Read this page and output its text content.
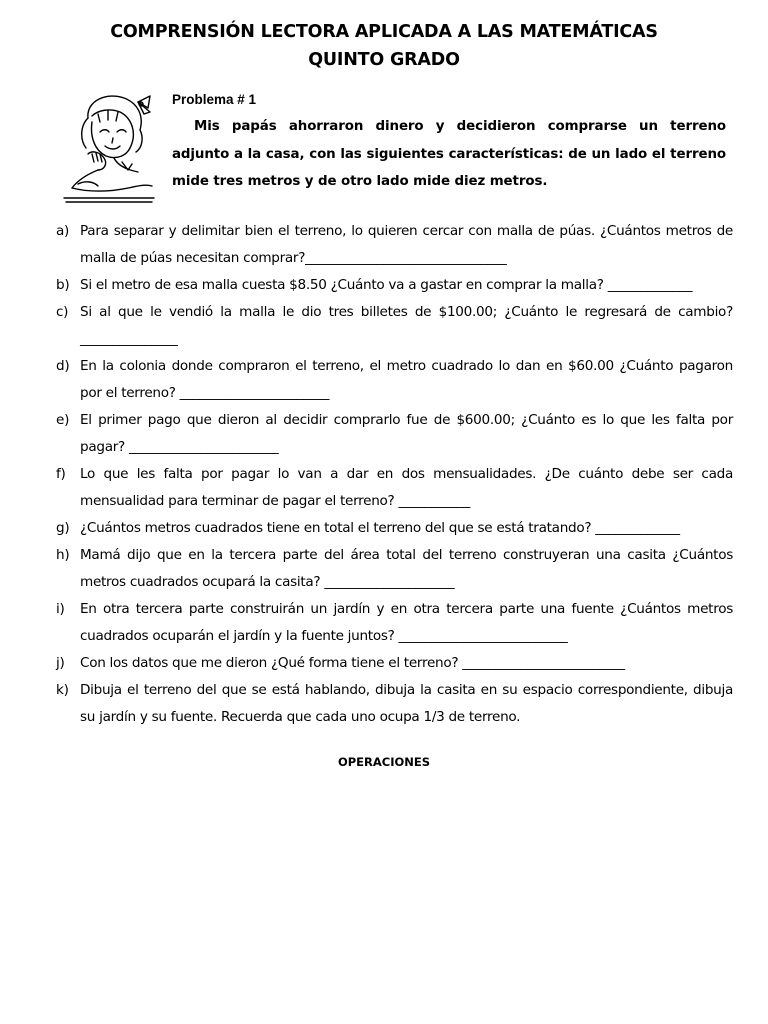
COMPRENSIÓN LECTORA APLICADA A LAS MATEMÁTICAS
QUINTO GRADO
Problema # 1
Mis papás ahorraron dinero y decidieron comprarse un terreno adjunto a la casa, con las siguientes características: de un lado el terreno mide tres metros y de otro lado mide diez metros.
a) Para separar y delimitar bien el terreno, lo quieren cercar con malla de púas. ¿Cuántos metros de malla de púas necesitan comprar?_______________________________
b) Si el metro de esa malla cuesta $8.50 ¿Cuánto va a gastar en comprar la malla? _____________
c) Si al que le vendió la malla le dio tres billetes de $100.00; ¿Cuánto le regresará de cambio?_______________
d) En la colonia donde compraron el terreno, el metro cuadrado lo dan en $60.00 ¿Cuánto pagaron por el terreno? _______________________
e) El primer pago que dieron al decidir comprarlo fue de $600.00; ¿Cuánto es lo que les falta por pagar? _______________________
f) Lo que les falta por pagar lo van a dar en dos mensualidades. ¿De cuánto debe ser cada mensualidad para terminar de pagar el terreno? ___________
g) ¿Cuántos metros cuadrados tiene en total el terreno del que se está tratando? _____________
h) Mamá dijo que en la tercera parte del área total del terreno construyeran una casita ¿Cuántos metros cuadrados ocupará la casita? ____________________
i) En otra tercera parte construirán un jardín y en otra tercera parte una fuente ¿Cuántos metros cuadrados ocuparán el jardín y la fuente juntos? __________________________
j) Con los datos que me dieron ¿Qué forma tiene el terreno? _________________________
k) Dibuja el terreno del que se está hablando, dibuja la casita en su espacio correspondiente, dibuja su jardín y su fuente. Recuerda que cada uno ocupa 1/3 de terreno.
OPERACIONES
